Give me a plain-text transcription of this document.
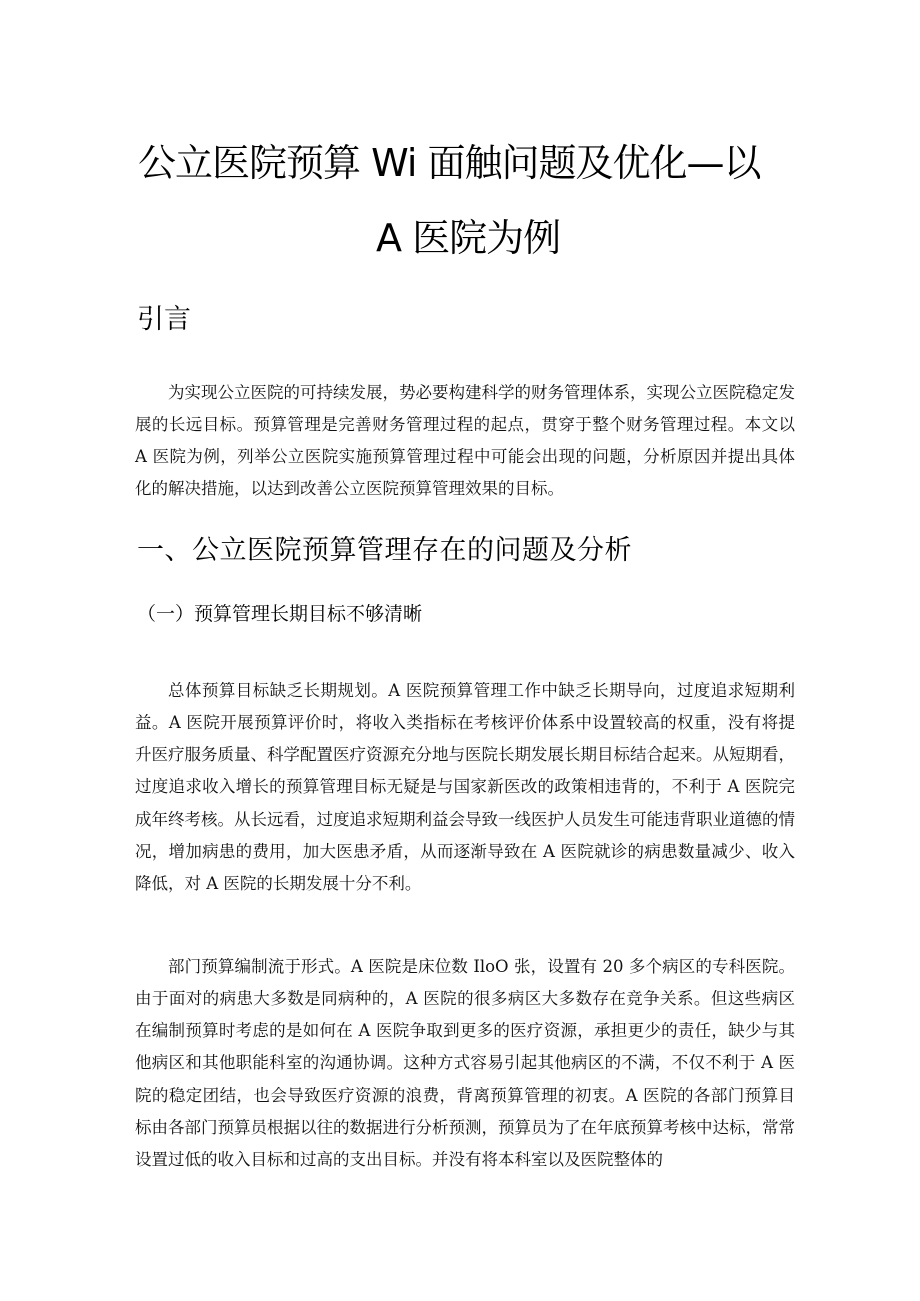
公立医院预算 Wi 面触问题及优化—以
A 医院为例
引言

为实现公立医院的可持续发展，势必要构建科学的财务管理体系，实现公立医院稳定发展的长远目标。预算管理是完善财务管理过程的起点，贯穿于整个财务管理过程。本文以 A 医院为例，列举公立医院实施预算管理过程中可能会出现的问题，分析原因并提出具体化的解决措施，以达到改善公立医院预算管理效果的目标。

一、公立医院预算管理存在的问题及分析
（一）预算管理长期目标不够清晰

总体预算目标缺乏长期规划。A 医院预算管理工作中缺乏长期导向，过度追求短期利益。A 医院开展预算评价时，将收入类指标在考核评价体系中设置较高的权重，没有将提升医疗服务质量、科学配置医疗资源充分地与医院长期发展长期目标结合起来。从短期看，过度追求收入增长的预算管理目标无疑是与国家新医改的政策相违背的，不利于 A 医院完成年终考核。从长远看，过度追求短期利益会导致一线医护人员发生可能违背职业道德的情况，增加病患的费用，加大医患矛盾，从而逐渐导致在 A 医院就诊的病患数量减少、收入降低，对 A 医院的长期发展十分不利。

部门预算编制流于形式。A 医院是床位数 IloO 张，设置有 20 多个病区的专科医院。由于面对的病患大多数是同病种的，A 医院的很多病区大多数存在竞争关系。但这些病区在编制预算时考虑的是如何在 A 医院争取到更多的医疗资源，承担更少的责任，缺少与其他病区和其他职能科室的沟通协调。这种方式容易引起其他病区的不满，不仅不利于 A 医院的稳定团结，也会导致医疗资源的浪费，背离预算管理的初衷。A 医院的各部门预算目标由各部门预算员根据以往的数据进行分析预测，预算员为了在年底预算考核中达标，常常设置过低的收入目标和过高的支出目标。并没有将本科室以及医院整体的
